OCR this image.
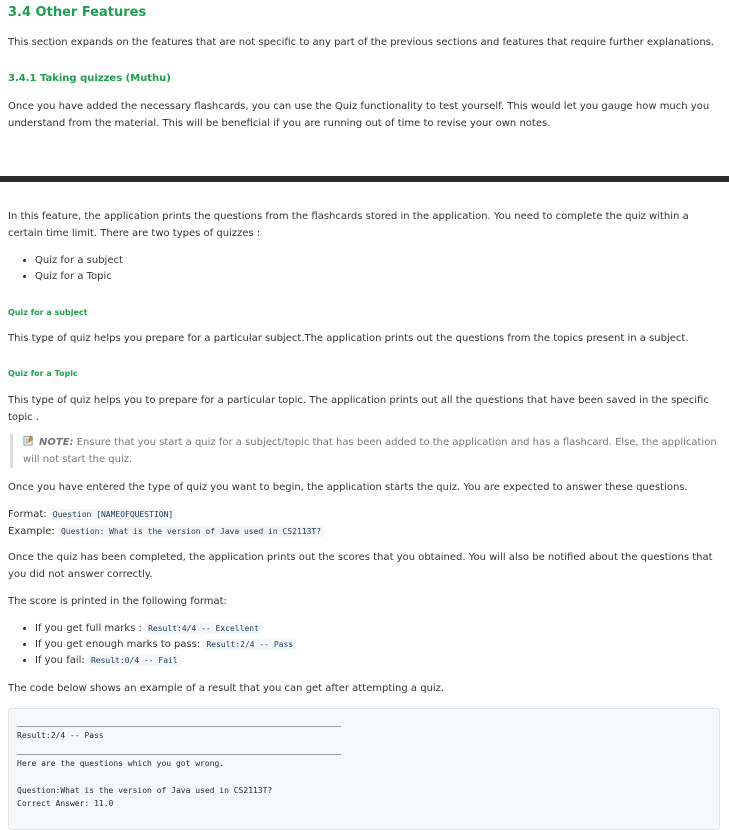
3.4 Other Features

This section expands on the features that are not specific to any part of the previous sections and features that require further explanations.

3.4.1 Taking quizzes (Muthu)

Once you have added the necessary flashcards, you can use the Quiz functionality to test yourself. This would let you gauge how much you understand from the material. This will be beneficial if you are running out of time to revise your own notes.

In this feature, the application prints the questions from the flashcards stored in the application. You need to complete the quiz within a certain time limit. There are two types of quizzes :

• Quiz for a subject
• Quiz for a Topic
Quiz for a subject

This type of quiz helps you prepare for a particular subject.The application prints out the questions from the topics present in a subject.

Quiz for a Topic

This type of quiz helps you to prepare for a particular topic. The application prints out all the questions that have been saved in the specific topic .

NOTE: Ensure that you start a quiz for a subject/topic that has been added to the application and has a flashcard. Else, the application will not start the quiz.

Once you have entered the type of quiz you want to begin, the application starts the quiz. You are expected to answer these questions.

Format: Question [NAMEOFQUESTION]

Example: Question: What is the version of Java used in CS2113T?

Once the quiz has been completed, the application prints out the scores that you obtained. You will also be notified about the questions that you did not answer correctly.

The score is printed in the following format:

• If you get full marks : Result:4/4 -- Excellent
• If you get enough marks to pass: Result:2/4 -- Pass
• If you fail: Result:0/4 -- Fail

The code below shows an example of a result that you can get after attempting a quiz.

Result:2/4 -- Pass
Here are the questions which you got wrong.
Question:What is the version of Java used in CS2113T?
Correct Answer: 11.0
